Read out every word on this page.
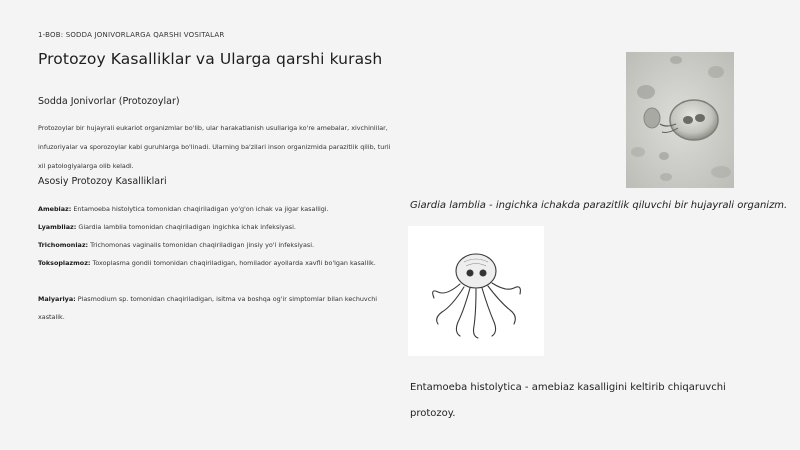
1-BOB: SODDA JONIVORLARGA QARSHI VOSITALAR
Protozoy Kasalliklar va Ularga qarshi kurash
Sodda Jonivorlar (Protozoylar)

Protozoylar bir hujayrali eukariot organizmlar bo'lib, ular harakatlanish usullariga ko're amebalar, xivchinlilar, infuzoriyalar va sporozoylar kabi guruhlarga bo'linadi. Ularning ba'zilari inson organizmida parazitlik qilib, turli xil patologiyalarga olib keladi.

Asosiy Protozoy Kasalliklari
Amebiaz: Entamoeba histolytica tomonidan chaqiriladigan yo'g'on ichak va jigar kasalligi.
Lyambliaz: Giardia lamblia tomonidan chaqiriladigan ingichka ichak infeksiyasi.
Trichomoniaz: Trichomonas vaginalis tomonidan chaqiriladigan jinsiy yo'l infeksiyasi.
Toksoplazmoz: Toxoplasma gondii tomonidan chaqiriladigan, homilador ayollarda xavfli bo'lgan kasallik.
Malyariya: Plasmodium sp. tomonidan chaqiriladigan, isitma va boshqa og'ir simptomlar bilan kechuvchi xastalik.
Giardia lamblia - ingichka ichakda parazitlik qiluvchi bir hujayrali organizm.
Entamoeba histolytica - amebiaz kasalligini keltirib chiqaruvchi protozoy.
